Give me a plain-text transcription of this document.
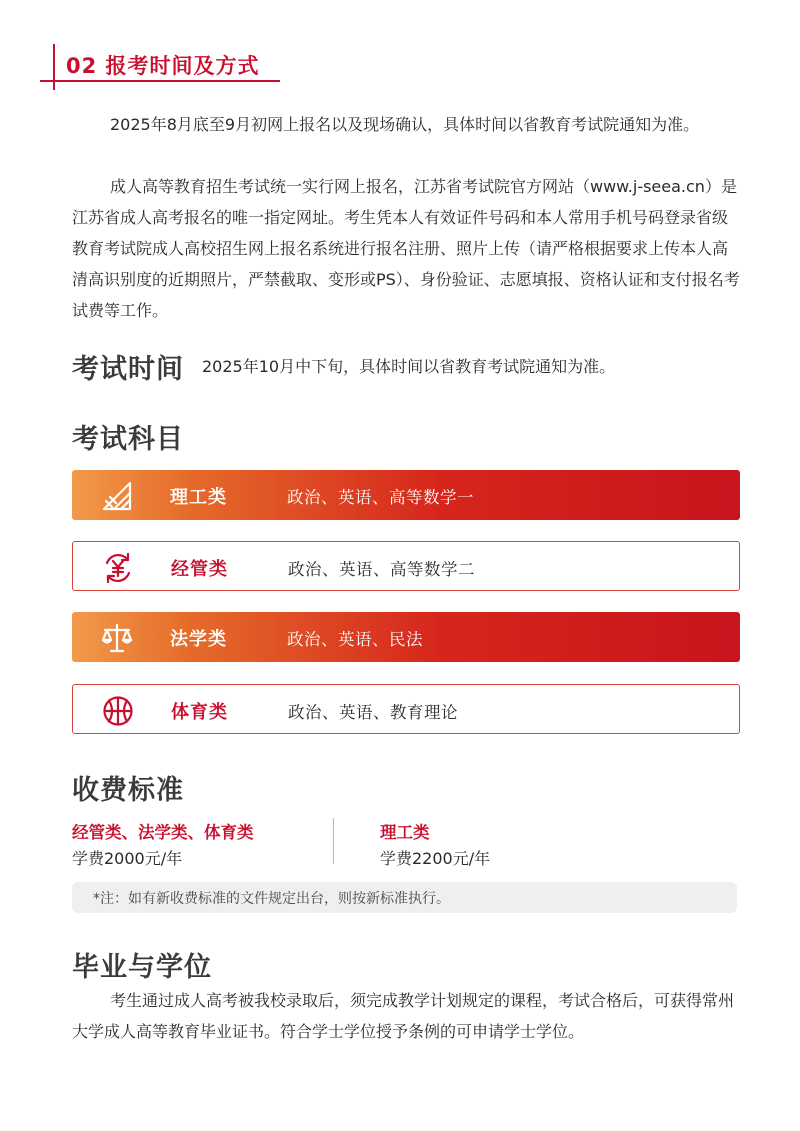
02 报考时间及方式
2025年8月底至9月初网上报名以及现场确认，具体时间以省教育考试院通知为准。
成人高等教育招生考试统一实行网上报名，江苏省考试院官方网站（www.j-seea.cn）是江苏省成人高考报名的唯一指定网址。考生凭本人有效证件号码和本人常用手机号码登录省级教育考试院成人高校招生网上报名系统进行报名注册、照片上传（请严格根据要求上传本人高清高识别度的近期照片，严禁截取、变形或PS）、身份验证、志愿填报、资格认证和支付报名考试费等工作。
考试时间 2025年10月中下旬，具体时间以省教育考试院通知为准。
考试科目
理工类	政治、英语、高等数学一
经管类	政治、英语、高等数学二
法学类	政治、英语、民法
体育类	政治、英语、教育理论
收费标准
经管类、法学类、体育类
学费2000元/年
理工类
学费2200元/年
*注：如有新收费标准的文件规定出台，则按新标准执行。
毕业与学位
考生通过成人高考被我校录取后，须完成教学计划规定的课程，考试合格后，可获得常州大学成人高等教育毕业证书。符合学士学位授予条例的可申请学士学位。
